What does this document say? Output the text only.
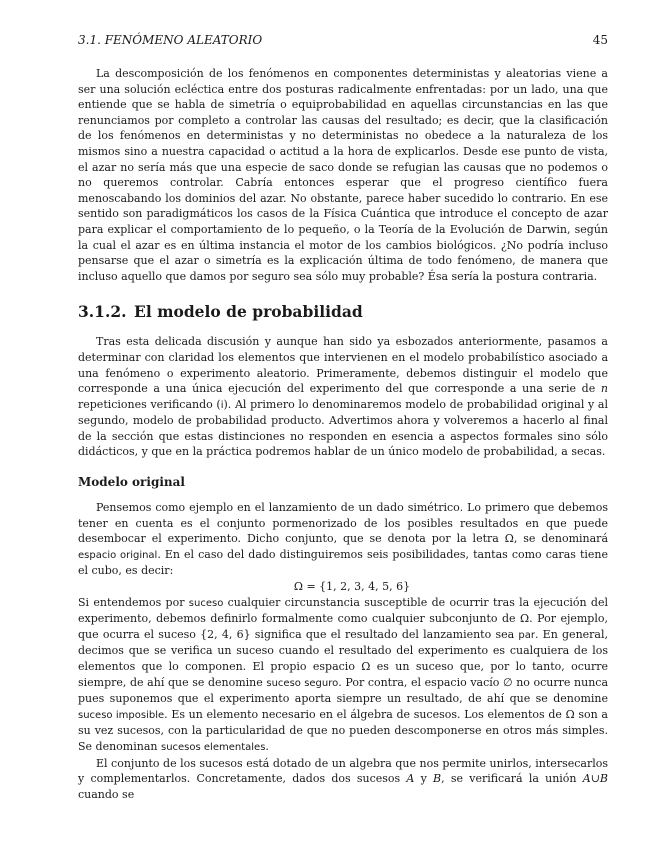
3.1. FENÓMENO ALEATORIO	45

La descomposición de los fenómenos en componentes deterministas y aleatorias viene a ser una solución ecléctica entre dos posturas radicalmente enfrentadas: por un lado, una que entiende que se habla de simetría o equiprobabilidad en aquellas circunstancias en las que renunciamos por completo a controlar las causas del resultado; es decir, que la clasificación de los fenómenos en deterministas y no deterministas no obedece a la naturaleza de los mismos sino a nuestra capacidad o actitud a la hora de explicarlos. Desde ese punto de vista, el azar no sería más que una especie de saco donde se refugian las causas que no podemos o no queremos controlar. Cabría entonces esperar que el progreso científico fuera menoscabando los dominios del azar. No obstante, parece haber sucedido lo contrario. En ese sentido son paradigmáticos los casos de la Física Cuántica que introduce el concepto de azar para explicar el comportamiento de lo pequeño, o la Teoría de la Evolución de Darwin, según la cual el azar es en última instancia el motor de los cambios biológicos. ¿No podría incluso pensarse que el azar o simetría es la explicación última de todo fenómeno, de manera que incluso aquello que damos por seguro sea sólo muy probable? Ésa sería la postura contraria.

3.1.2. El modelo de probabilidad

Tras esta delicada discusión y aunque han sido ya esbozados anteriormente, pasamos a determinar con claridad los elementos que intervienen en el modelo probabilístico asociado a una fenómeno o experimento aleatorio. Primeramente, debemos distinguir el modelo que corresponde a una única ejecución del experimento del que corresponde a una serie de n repeticiones verificando (i). Al primero lo denominaremos modelo de probabilidad original y al segundo, modelo de probabilidad producto. Advertimos ahora y volveremos a hacerlo al final de la sección que estas distinciones no responden en esencia a aspectos formales sino sólo didácticos, y que en la práctica podremos hablar de un único modelo de probabilidad, a secas.

Modelo original

Pensemos como ejemplo en el lanzamiento de un dado simétrico. Lo primero que debemos tener en cuenta es el conjunto pormenorizado de los posibles resultados en que puede desembocar el experimento. Dicho conjunto, que se denota por la letra Ω, se denominará espacio original. En el caso del dado distinguiremos seis posibilidades, tantas como caras tiene el cubo, es decir:

Ω = {1, 2, 3, 4, 5, 6}

Si entendemos por suceso cualquier circunstancia susceptible de ocurrir tras la ejecución del experimento, debemos definirlo formalmente como cualquier subconjunto de Ω. Por ejemplo, que ocurra el suceso {2, 4, 6} significa que el resultado del lanzamiento sea par. En general, decimos que se verifica un suceso cuando el resultado del experimento es cualquiera de los elementos que lo componen. El propio espacio Ω es un suceso que, por lo tanto, ocurre siempre, de ahí que se denomine suceso seguro. Por contra, el espacio vacío ∅ no ocurre nunca pues suponemos que el experimento aporta siempre un resultado, de ahí que se denomine suceso imposible. Es un elemento necesario en el álgebra de sucesos. Los elementos de Ω son a su vez sucesos, con la particularidad de que no pueden descomponerse en otros más simples. Se denominan sucesos elementales.

El conjunto de los sucesos está dotado de un algebra que nos permite unirlos, intersecarlos y complementarlos. Concretamente, dados dos sucesos A y B, se verificará la unión A∪B cuando se
